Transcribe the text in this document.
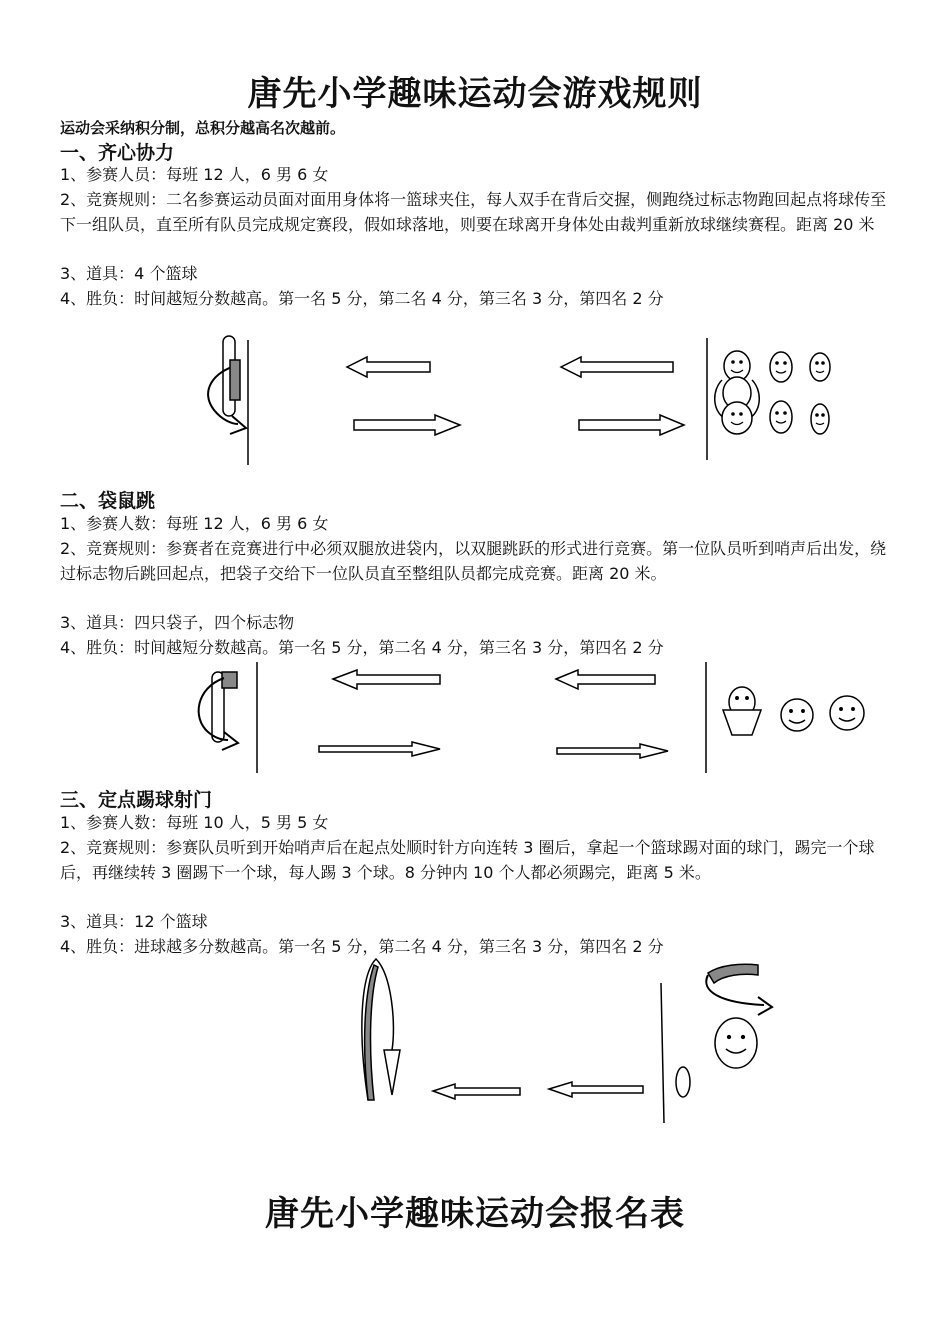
唐先小学趣味运动会游戏规则
运动会采纳积分制，总积分越高名次越前。
一、齐心协力
1、参赛人员：每班 12 人，6 男 6 女
2、竞赛规则：二名参赛运动员面对面用身体将一篮球夹住，每人双手在背后交握，侧跑绕过标志物跑回起点将球传至下一组队员，直至所有队员完成规定赛段，假如球落地，则要在球离开身体处由裁判重新放球继续赛程。距离 20 米
3、道具：4 个篮球
4、胜负：时间越短分数越高。第一名 5 分，第二名 4 分，第三名 3 分，第四名 2 分
二、袋鼠跳
1、参赛人数：每班 12 人，6 男 6 女
2、竞赛规则：参赛者在竞赛进行中必须双腿放进袋内，以双腿跳跃的形式进行竞赛。第一位队员听到哨声后出发，绕过标志物后跳回起点，把袋子交给下一位队员直至整组队员都完成竞赛。距离 20 米。
3、道具：四只袋子，四个标志物
4、胜负：时间越短分数越高。第一名 5 分，第二名 4 分，第三名 3 分，第四名 2 分
三、定点踢球射门
1、参赛人数：每班 10 人，5 男 5 女
2、竞赛规则：参赛队员听到开始哨声后在起点处顺时针方向连转 3 圈后，拿起一个篮球踢对面的球门，踢完一个球后，再继续转 3 圈踢下一个球，每人踢 3 个球。8 分钟内 10 个人都必须踢完，距离 5 米。
3、道具：12 个篮球
4、胜负：进球越多分数越高。第一名 5 分，第二名 4 分，第三名 3 分，第四名 2 分
唐先小学趣味运动会报名表
